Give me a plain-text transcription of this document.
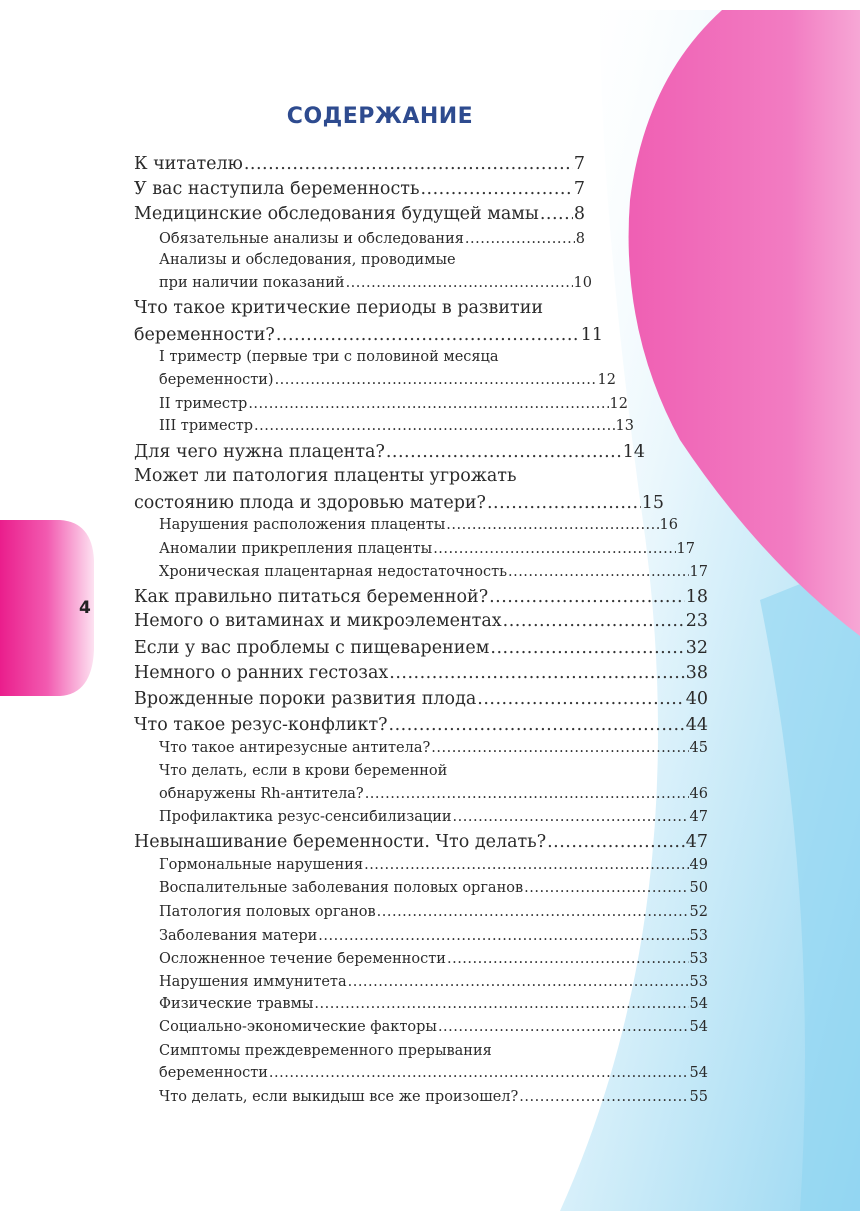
СОДЕРЖАНИЕ
4
К читателю .....	7
У вас наступила беременность .....	7
Медицинские обследования будущей мамы ..... 8
Обязательные анализы и обследования .....	8
Анализы и обследования, проводимые
при наличии показаний .....	10
Что такое критические периоды в развитии
беременности? .....	11
I триместр (первые три с половиной месяца
беременности) .....	12
II триместр .....	12
III триместр .....	13
Для чего нужна плацента? .....	14
Может ли патология плаценты угрожать
состоянию плода и здоровью матери? .....	15
Нарушения расположения плаценты .....	16
Аномалии прикрепления плаценты .....	17
Хроническая плацентарная недостаточность .....	17
Как правильно питаться беременной? .....	18
Немого о витаминах и микроэлементах .....	23
Если у вас проблемы с пищеварением .....	32
Немного о ранних гестозах .....	38
Врожденные пороки развития плода .....	40
Что такое резус-конфликт? .....	44
Что такое антирезусные антитела? .....	45
Что делать, если в крови беременной
обнаружены Rh-антитела? .....	46
Профилактика резус-сенсибилизации .....	47
Невынашивание беременности. Что делать? .....	47
Гормональные нарушения .....	49
Воспалительные заболевания половых органов .....	50
Патология половых органов .....	52
Заболевания матери .....	53
Осложненное течение беременности .....	53
Нарушения иммунитета .....	53
Физические травмы .....	54
Социально-экономические факторы .....	54
Симптомы преждевременного прерывания
беременности .....	54
Что делать, если выкидыш все же произошел? .....	55
